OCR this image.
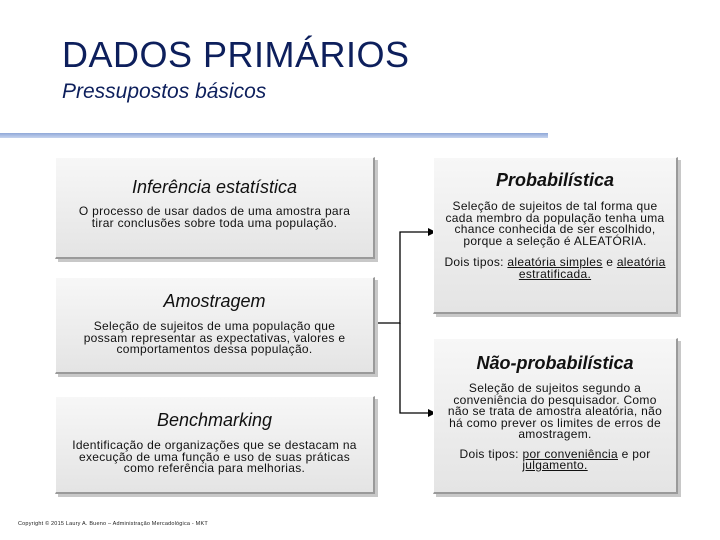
DADOS PRIMÁRIOS
Pressupostos básicos
Inferência estatística
O processo de usar dados de uma amostra para tirar conclusões sobre toda uma população.
Amostragem
Seleção de sujeitos de uma população que possam representar as expectativas, valores e comportamentos dessa população.
Benchmarking
Identificação de organizações que se destacam na execução de uma função e uso de suas práticas como referência para melhorias.
Probabilística
Seleção de sujeitos de tal forma que cada membro da população tenha uma chance conhecida de ser escolhido, porque a seleção é ALEATÓRIA.
Dois tipos: aleatória simples e aleatória estratificada.
Não-probabilística
Seleção de sujeitos segundo a conveniência do pesquisador. Como não se trata de amostra aleatória, não há como prever os limites de erros de amostragem.
Dois tipos: por conveniência e por julgamento.
Copyright © 2015 Laury A. Bueno – Administração Mercadológica - MKT
